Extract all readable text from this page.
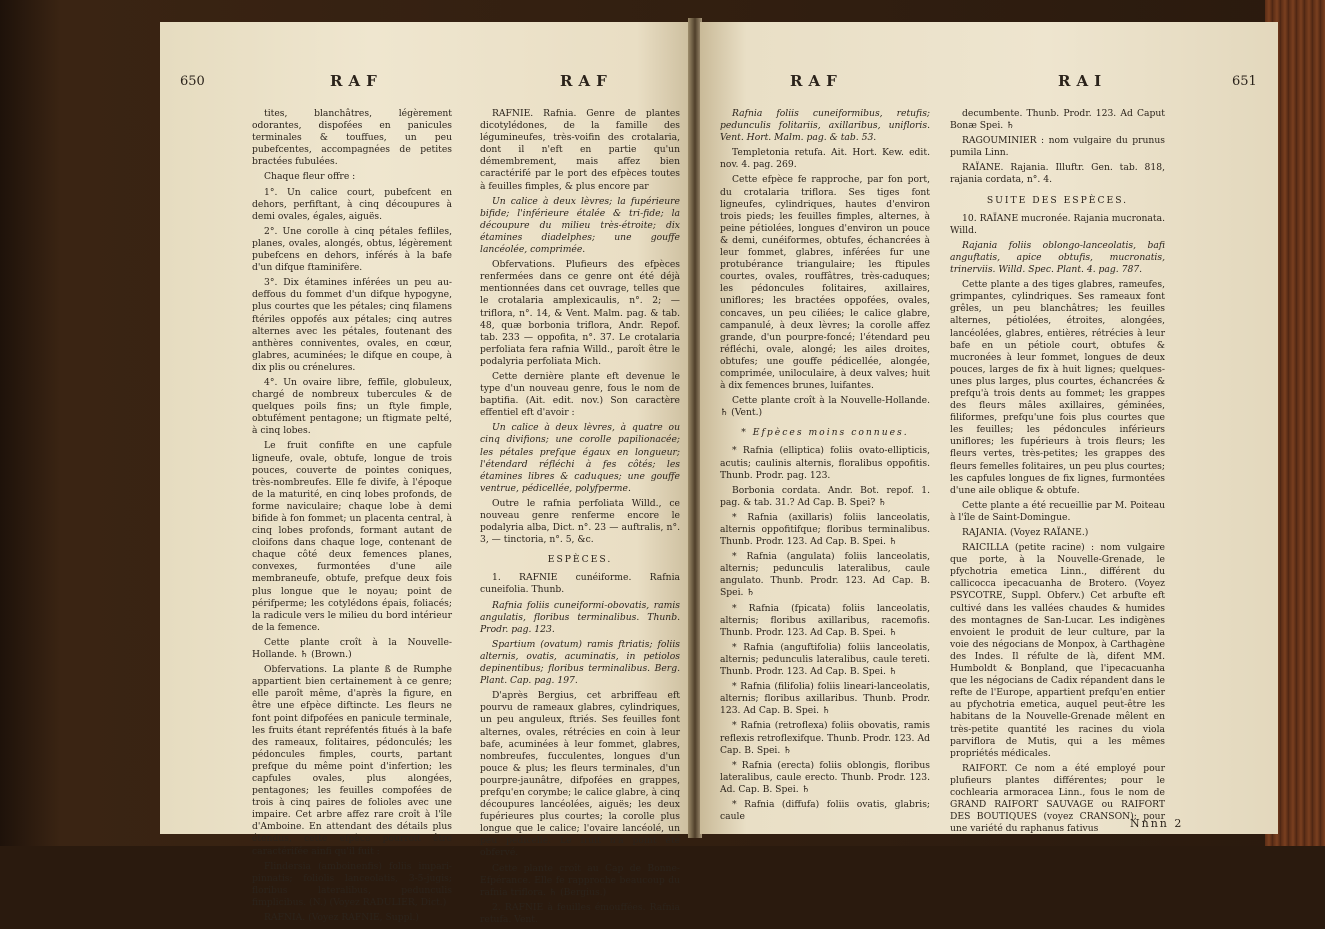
650	RAF	RAF

tites, blanchâtres, légèrement odorantes, dispofées en panicules terminales & touffues, un peu pubefcentes, accompagnées de petites bractées fubulées.

Chaque fleur offre :

1°. Un calice court, pubefcent en dehors, perfiftant, à cinq découpures à demi ovales, égales, aiguës.

2°. Une corolle à cinq pétales fefliles, planes, ovales, alongés, obtus, légèrement pubefcens en dehors, inférés à la bafe d'un difque ftaminifère.

3°. Dix étamines inférées un peu au-deffous du fommet d'un difque hypogyne, plus courtes que les pétales; cinq filamens ftériles oppofés aux pétales; cinq autres alternes avec les pétales, foutenant des anthères conniventes, ovales, en cœur, glabres, acuminées; le difque en coupe, à dix plis ou crénelures.

4°. Un ovaire libre, feffile, globuleux, chargé de nombreux tubercules & de quelques poils fins; un ftyle fimple, obtufément pentagone; un ftigmate pelté, à cinq lobes.

Le fruit confifte en une capfule ligneufe, ovale, obtufe, longue de trois pouces, couverte de pointes coniques, très-nombreufes. Elle fe divife, à l'époque de la maturité, en cinq lobes profonds, de forme naviculaire; chaque lobe à demi bifide à fon fommet; un placenta central, à cinq lobes profonds, formant autant de cloifons dans chaque loge, contenant de chaque côté deux femences planes, convexes, furmontées d'une aile membraneufe, obtufe, prefque deux fois plus longue que le noyau; point de périfperme; les cotylédons épais, foliacés; la radicule vers le milieu du bord intérieur de la femence.

Cette plante croît à la Nouvelle-Hollande. ♄ (Brown.)

Obfervations. La plante ß de Rumphe appartient bien certainement à ce genre; elle paroît même, d'après la figure, en être une efpèce diftincte. Les fleurs ne font point difpofées en panicule terminale, les fruits étant repréfentés fitués à la bafe des rameaux, folitaires, pédonculés; les pédoncules fimples, courts, partant prefque du même point d'infertion; les capfules ovales, plus alongées, pentagones; les feuilles compofées de trois à cinq paires de folioles avec une impaire. Cet arbre affez rare croît à l'île d'Amboine. En attendant des détails plus étendus, cette efpèce pourroit être caractérifée ainfi qu'il fuit :

Flindersia (amboinenfis) foliis impari-pinnatis; foliolis lanceolatis, 3-5-jugis; floribus lateralibus, pedunculis fimplicibus. (N.) (Voyez RADULIER, Dict.)

RAFNIA. (Voyez RAFNIE, Suppl.)

RAFNIE. Rafnia. Genre de plantes dicotylédones, de la famille des légumineufes, très-voifin des crotalaria, dont il n'eft en partie qu'un démembrement, mais affez bien caractérifé par le port des efpèces toutes à feuilles fimples, & plus encore par

Un calice à deux lèvres; la fupérieure bifide; l'inférieure étalée & tri-fide; la découpure du milieu très-étroite; dix étamines diadelphes; une gouffe lancéolée, comprimée.

Obfervations. Plufieurs des efpèces renfermées dans ce genre ont été déjà mentionnées dans cet ouvrage, telles que le crotalaria amplexicaulis, n°. 2; — triflora, n°. 14, & Vent. Malm. pag. & tab. 48, quæ borbonia triflora, Andr. Repof. tab. 233 — oppofita, n°. 37. Le crotalaria perfoliata fera rafnia Willd., paroît être le podalyria perfoliata Mich.

Cette dernière plante eft devenue le type d'un nouveau genre, fous le nom de baptifia. (Ait. edit. nov.) Son caractère effentiel eft d'avoir :

Un calice à deux lèvres, à quatre ou cinq divifions; une corolle papilionacée; les pétales prefque égaux en longueur; l'étendard réfléchi à fes côtés; les étamines libres & caduques; une gouffe ventrue, pédicellée, polyfperme.

Outre le rafnia perfoliata Willd., ce nouveau genre renferme encore le podalyria alba, Dict. n°. 23 — auftralis, n°. 3, — tinctoria, n°. 5, &c.

ESPÈCES.

1. RAFNIE cunéiforme. Rafnia cuneifolia. Thunb.

Rafnia foliis cuneiformi-obovatis, ramis angulatis, floribus terminalibus. Thunb. Prodr. pag. 123.

Spartium (ovatum) ramis ftriatis; foliis alternis, ovatis, acuminatis, in petiolos depinentibus; floribus terminalibus. Berg. Plant. Cap. pag. 197.

D'après Bergius, cet arbriffeau eft pourvu de rameaux glabres, cylindriques, un peu anguleux, ftriés. Ses feuilles font alternes, ovales, rétrécies en coin à leur bafe, acuminées à leur fommet, glabres, nombreufes, fucculentes, longues d'un pouce & plus; les fleurs terminales, d'un pourpre-jaunâtre, difpofées en grappes, prefqu'en corymbe; le calice glabre, à cinq découpures lancéolées, aiguës; les deux fupérieures plus courtes; la corolle plus longue que le calice; l'ovaire lancéolé, un peu pédicellé. Le fruit n'a point été obfervé.

Cette plante croît au Cap de Bonne-Efpérance. Elle fe rapproche beaucoup du rafnia triflora. ♄ (Bergius.)

2. RAFNIE à feuilles émouffées. Rafnia retufa. Vent.

RAF	RAI	651

Rafnia foliis cuneiformibus, retufis; pedunculis folitariis, axillaribus, unifloris. Vent. Hort. Malm. pag. & tab. 53.

Templetonia retufa. Ait. Hort. Kew. edit. nov. 4. pag. 269.

Cette efpèce fe rapproche, par fon port, du crotalaria triflora. Ses tiges font ligneufes, cylindriques, hautes d'environ trois pieds; les feuilles fimples, alternes, à peine pétiolées, longues d'environ un pouce & demi, cunéiformes, obtufes, échancrées à leur fommet, glabres, inférées fur une protubérance triangulaire; les ftipules courtes, ovales, rouffâtres, très-caduques; les pédoncules folitaires, axillaires, uniflores; les bractées oppofées, ovales, concaves, un peu ciliées; le calice glabre, campanulé, à deux lèvres; la corolle affez grande, d'un pourpre-foncé; l'étendard peu réfléchi, ovale, alongé; les ailes droites, obtufes; une gouffe pédicellée, alongée, comprimée, uniloculaire, à deux valves; huit à dix femences brunes, luifantes.

Cette plante croît à la Nouvelle-Hollande. ♄ (Vent.)

* Efpèces moins connues.

* Rafnia (elliptica) foliis ovato-ellipticis, acutis; caulinis alternis, floralibus oppofitis. Thunb. Prodr. pag. 123.

Borbonia cordata. Andr. Bot. repof. 1. pag. & tab. 31.? Ad Cap. B. Spei? ♄

* Rafnia (axillaris) foliis lanceolatis, alternis oppofitifque; floribus terminalibus. Thunb. Prodr. 123. Ad Cap. B. Spei. ♄

* Rafnia (angulata) foliis lanceolatis, alternis; pedunculis lateralibus, caule angulato. Thunb. Prodr. 123. Ad Cap. B. Spei. ♄

* Rafnia (fpicata) foliis lanceolatis, alternis; floribus axillaribus, racemofis. Thunb. Prodr. 123. Ad Cap. B. Spei. ♄

* Rafnia (anguftifolia) foliis lanceolatis, alternis; pedunculis lateralibus, caule tereti. Thunb. Prodr. 123. Ad Cap. B. Spei. ♄

* Rafnia (filifolia) foliis lineari-lanceolatis, alternis; floribus axillaribus. Thunb. Prodr. 123. Ad Cap. B. Spei. ♄

* Rafnia (retroflexa) foliis obovatis, ramis reflexis retroflexifque. Thunb. Prodr. 123. Ad Cap. B. Spei. ♄

* Rafnia (erecta) foliis oblongis, floribus lateralibus, caule erecto. Thunb. Prodr. 123. Ad. Cap. B. Spei. ♄

* Rafnia (diffufa) foliis ovatis, glabris; caule

decumbente. Thunb. Prodr. 123. Ad Caput Bonæ Spei. ♄

RAGOUMINIER : nom vulgaire du prunus pumila Linn.

RAÏANE. Rajania. Illuftr. Gen. tab. 818, rajania cordata, n°. 4.

SUITE DES ESPÈCES.

10. RAÏANE mucronée. Rajania mucronata. Willd.

Rajania foliis oblongo-lanceolatis, bafi anguftatis, apice obtufis, mucronatis, trinerviis. Willd. Spec. Plant. 4. pag. 787.

Cette plante a des tiges glabres, rameufes, grimpantes, cylindriques. Ses rameaux font grêles, un peu blanchâtres; les feuilles alternes, pétiolées, étroites, alongées, lancéolées, glabres, entières, rétrécies à leur bafe en un pétiole court, obtufes & mucronées à leur fommet, longues de deux pouces, larges de fix à huit lignes; quelques-unes plus larges, plus courtes, échancrées & prefqu'à trois dents au fommet; les grappes des fleurs mâles axillaires, géminées, filiformes, prefqu'une fois plus courtes que les feuilles; les pédoncules inférieurs uniflores; les fupérieurs à trois fleurs; les fleurs vertes, très-petites; les grappes des fleurs femelles folitaires, un peu plus courtes; les capfules longues de fix lignes, furmontées d'une aile oblique & obtufe.

Cette plante a été recueillie par M. Poiteau à l'île de Saint-Domingue.

RAJANIA. (Voyez RAÏANE.)

RAICILLA (petite racine) : nom vulgaire que porte, à la Nouvelle-Grenade, le pfychotria emetica Linn., différent du callicocca ipecacuanha de Brotero. (Voyez PSYCOTRE, Suppl. Obferv.) Cet arbufte eft cultivé dans les vallées chaudes & humides des montagnes de San-Lucar. Les indigènes envoient le produit de leur culture, par la voie des négocians de Monpox, à Carthagène des Indes. Il réfulte de là, difent MM. Humboldt & Bonpland, que l'ipecacuanha que les négocians de Cadix répandent dans le refte de l'Europe, appartient prefqu'en entier au pfychotria emetica, auquel peut-être les habitans de la Nouvelle-Grenade mêlent en très-petite quantité les racines du viola parviflora de Mutis, qui a les mêmes propriétés médicales.

RAIFORT. Ce nom a été employé pour plufieurs plantes différentes; pour le cochlearia armoracea Linn., fous le nom de GRAND RAIFORT SAUVAGE ou RAIFORT DES BOUTIQUES (voyez CRANSON); pour une variété du raphanus fativus	Nnnn 2
